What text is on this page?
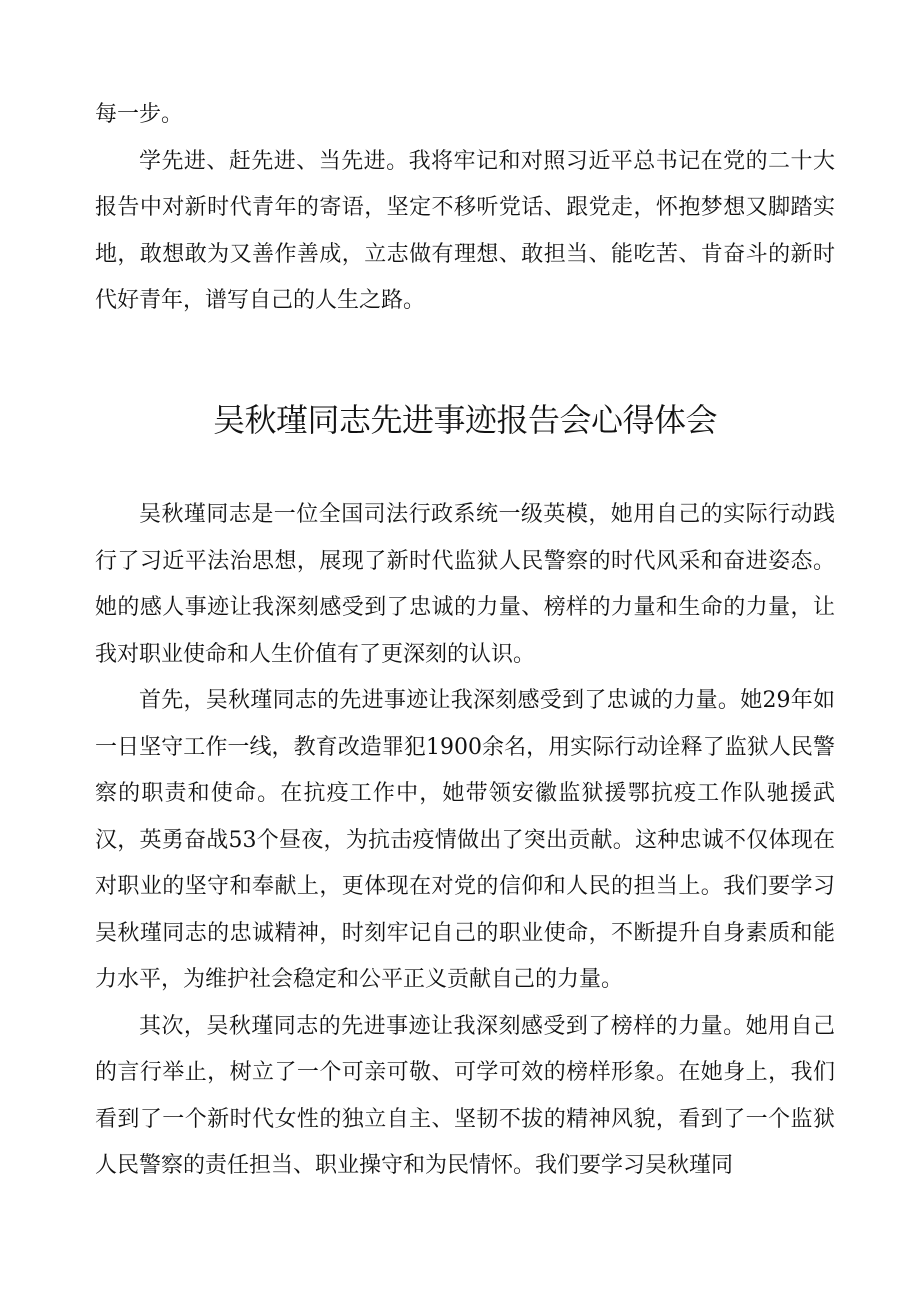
每一步。

学先进、赶先进、当先进。我将牢记和对照习近平总书记在党的二十大报告中对新时代青年的寄语，坚定不移听党话、跟党走，怀抱梦想又脚踏实地，敢想敢为又善作善成，立志做有理想、敢担当、能吃苦、肯奋斗的新时代好青年，谱写自己的人生之路。

吴秋瑾同志先进事迹报告会心得体会

吴秋瑾同志是一位全国司法行政系统一级英模，她用自己的实际行动践行了习近平法治思想，展现了新时代监狱人民警察的时代风采和奋进姿态。她的感人事迹让我深刻感受到了忠诚的力量、榜样的力量和生命的力量，让我对职业使命和人生价值有了更深刻的认识。

首先，吴秋瑾同志的先进事迹让我深刻感受到了忠诚的力量。她29年如一日坚守工作一线，教育改造罪犯1900余名，用实际行动诠释了监狱人民警察的职责和使命。在抗疫工作中，她带领安徽监狱援鄂抗疫工作队驰援武汉，英勇奋战53个昼夜，为抗击疫情做出了突出贡献。这种忠诚不仅体现在对职业的坚守和奉献上，更体现在对党的信仰和人民的担当上。我们要学习吴秋瑾同志的忠诚精神，时刻牢记自己的职业使命，不断提升自身素质和能力水平，为维护社会稳定和公平正义贡献自己的力量。

其次，吴秋瑾同志的先进事迹让我深刻感受到了榜样的力量。她用自己的言行举止，树立了一个可亲可敬、可学可效的榜样形象。在她身上，我们看到了一个新时代女性的独立自主、坚韧不拔的精神风貌，看到了一个监狱人民警察的责任担当、职业操守和为民情怀。我们要学习吴秋瑾同
